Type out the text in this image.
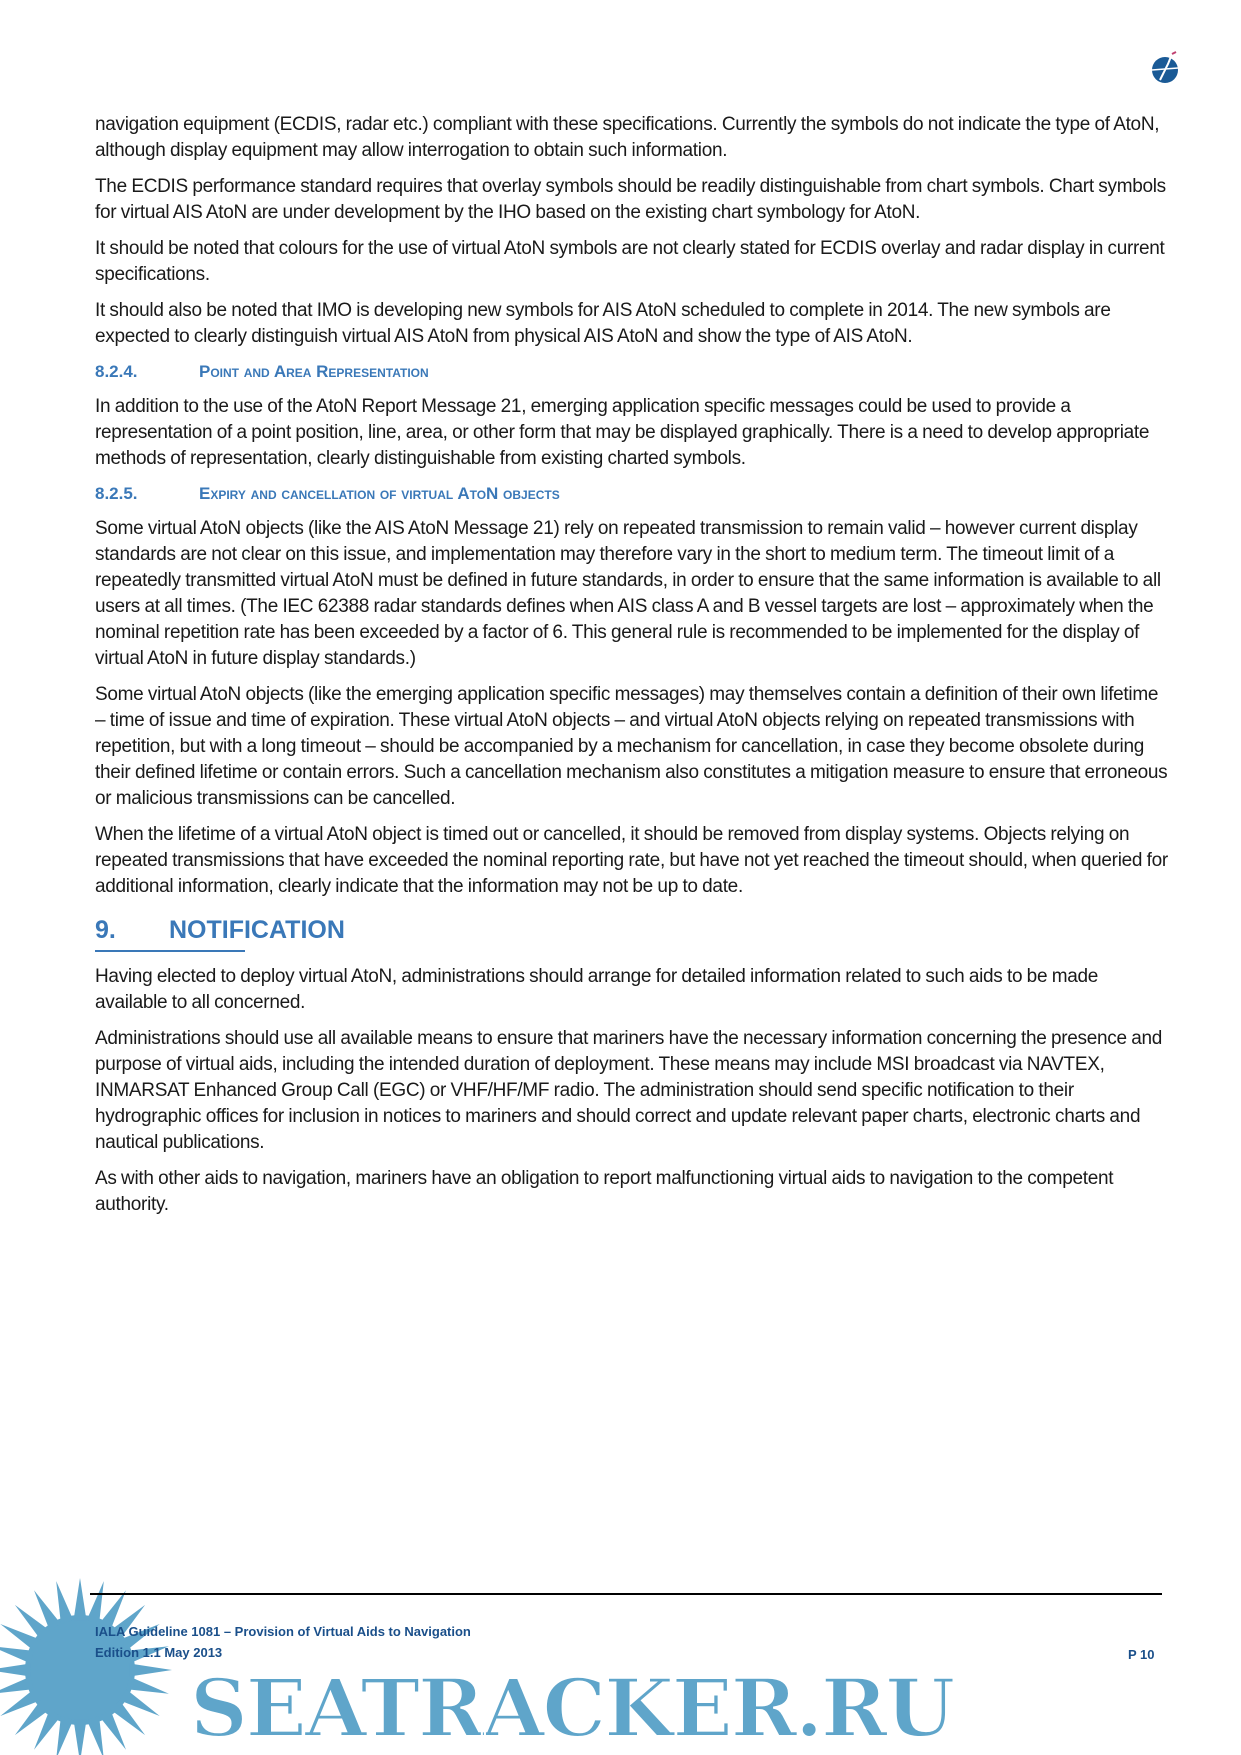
navigation equipment (ECDIS, radar etc.) compliant with these specifications. Currently the symbols do not indicate the type of AtoN, although display equipment may allow interrogation to obtain such information.

The ECDIS performance standard requires that overlay symbols should be readily distinguishable from chart symbols. Chart symbols for virtual AIS AtoN are under development by the IHO based on the existing chart symbology for AtoN.

It should be noted that colours for the use of virtual AtoN symbols are not clearly stated for ECDIS overlay and radar display in current specifications.

It should also be noted that IMO is developing new symbols for AIS AtoN scheduled to complete in 2014. The new symbols are expected to clearly distinguish virtual AIS AtoN from physical AIS AtoN and show the type of AIS AtoN.

8.2.4.	Point and Area Representation

In addition to the use of the AtoN Report Message 21, emerging application specific messages could be used to provide a representation of a point position, line, area, or other form that may be displayed graphically. There is a need to develop appropriate methods of representation, clearly distinguishable from existing charted symbols.

8.2.5.	Expiry and cancellation of virtual AtoN objects

Some virtual AtoN objects (like the AIS AtoN Message 21) rely on repeated transmission to remain valid – however current display standards are not clear on this issue, and implementation may therefore vary in the short to medium term. The timeout limit of a repeatedly transmitted virtual AtoN must be defined in future standards, in order to ensure that the same information is available to all users at all times. (The IEC 62388 radar standards defines when AIS class A and B vessel targets are lost – approximately when the nominal repetition rate has been exceeded by a factor of 6. This general rule is recommended to be implemented for the display of virtual AtoN in future display standards.)

Some virtual AtoN objects (like the emerging application specific messages) may themselves contain a definition of their own lifetime – time of issue and time of expiration. These virtual AtoN objects – and virtual AtoN objects relying on repeated transmissions with repetition, but with a long timeout – should be accompanied by a mechanism for cancellation, in case they become obsolete during their defined lifetime or contain errors. Such a cancellation mechanism also constitutes a mitigation measure to ensure that erroneous or malicious transmissions can be cancelled.

When the lifetime of a virtual AtoN object is timed out or cancelled, it should be removed from display systems. Objects relying on repeated transmissions that have exceeded the nominal reporting rate, but have not yet reached the timeout should, when queried for additional information, clearly indicate that the information may not be up to date.

9. NOTIFICATION

Having elected to deploy virtual AtoN, administrations should arrange for detailed information related to such aids to be made available to all concerned.

Administrations should use all available means to ensure that mariners have the necessary information concerning the presence and purpose of virtual aids, including the intended duration of deployment. These means may include MSI broadcast via NAVTEX, INMARSAT Enhanced Group Call (EGC) or VHF/HF/MF radio. The administration should send specific notification to their hydrographic offices for inclusion in notices to mariners and should correct and update relevant paper charts, electronic charts and nautical publications.

As with other aids to navigation, mariners have an obligation to report malfunctioning virtual aids to navigation to the competent authority.

SEATRACKER.RU
IALA Guideline 1081 – Provision of Virtual Aids to Navigation
Edition 1.1 May 2013	P 10
